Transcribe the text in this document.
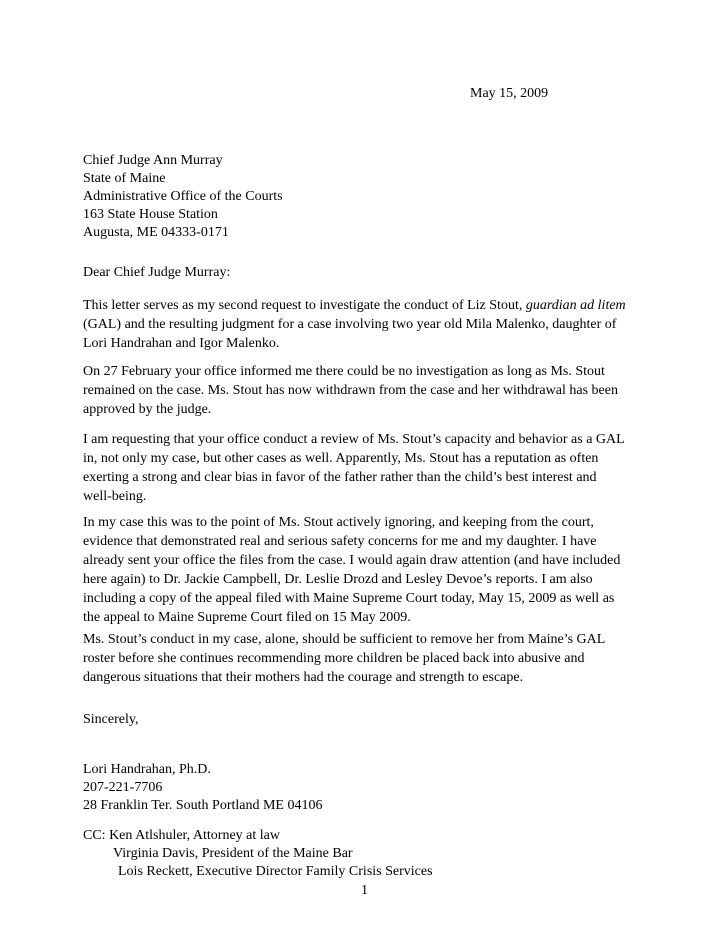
May 15, 2009
Chief Judge Ann Murray
State of Maine
Administrative Office of the Courts
163 State House Station
Augusta, ME 04333-0171
Dear Chief Judge Murray:
This letter serves as my second request to investigate the conduct of Liz Stout, guardian ad litem
(GAL) and the resulting judgment for a case involving two year old Mila Malenko, daughter of
Lori Handrahan and Igor Malenko.
On 27 February your office informed me there could be no investigation as long as Ms. Stout
remained on the case. Ms. Stout has now withdrawn from the case and her withdrawal has been
approved by the judge.
I am requesting that your office conduct a review of Ms. Stout’s capacity and behavior as a GAL
in, not only my case, but other cases as well. Apparently, Ms. Stout has a reputation as often
exerting a strong and clear bias in favor of the father rather than the child’s best interest and
well-being.
In my case this was to the point of Ms. Stout actively ignoring, and keeping from the court,
evidence that demonstrated real and serious safety concerns for me and my daughter. I have
already sent your office the files from the case. I would again draw attention (and have included
here again) to Dr. Jackie Campbell, Dr. Leslie Drozd and Lesley Devoe’s reports. I am also
including a copy of the appeal filed with Maine Supreme Court today, May 15, 2009 as well as
the appeal to Maine Supreme Court filed on 15 May 2009.
Ms. Stout’s conduct in my case, alone, should be sufficient to remove her from Maine’s GAL
roster before she continues recommending more children be placed back into abusive and
dangerous situations that their mothers had the courage and strength to escape.
Sincerely,
Lori Handrahan, Ph.D.
207-221-7706
28 Franklin Ter. South Portland ME 04106
CC: Ken Atlshuler, Attorney at law
Virginia Davis, President of the Maine Bar
Lois Reckett, Executive Director Family Crisis Services
1
